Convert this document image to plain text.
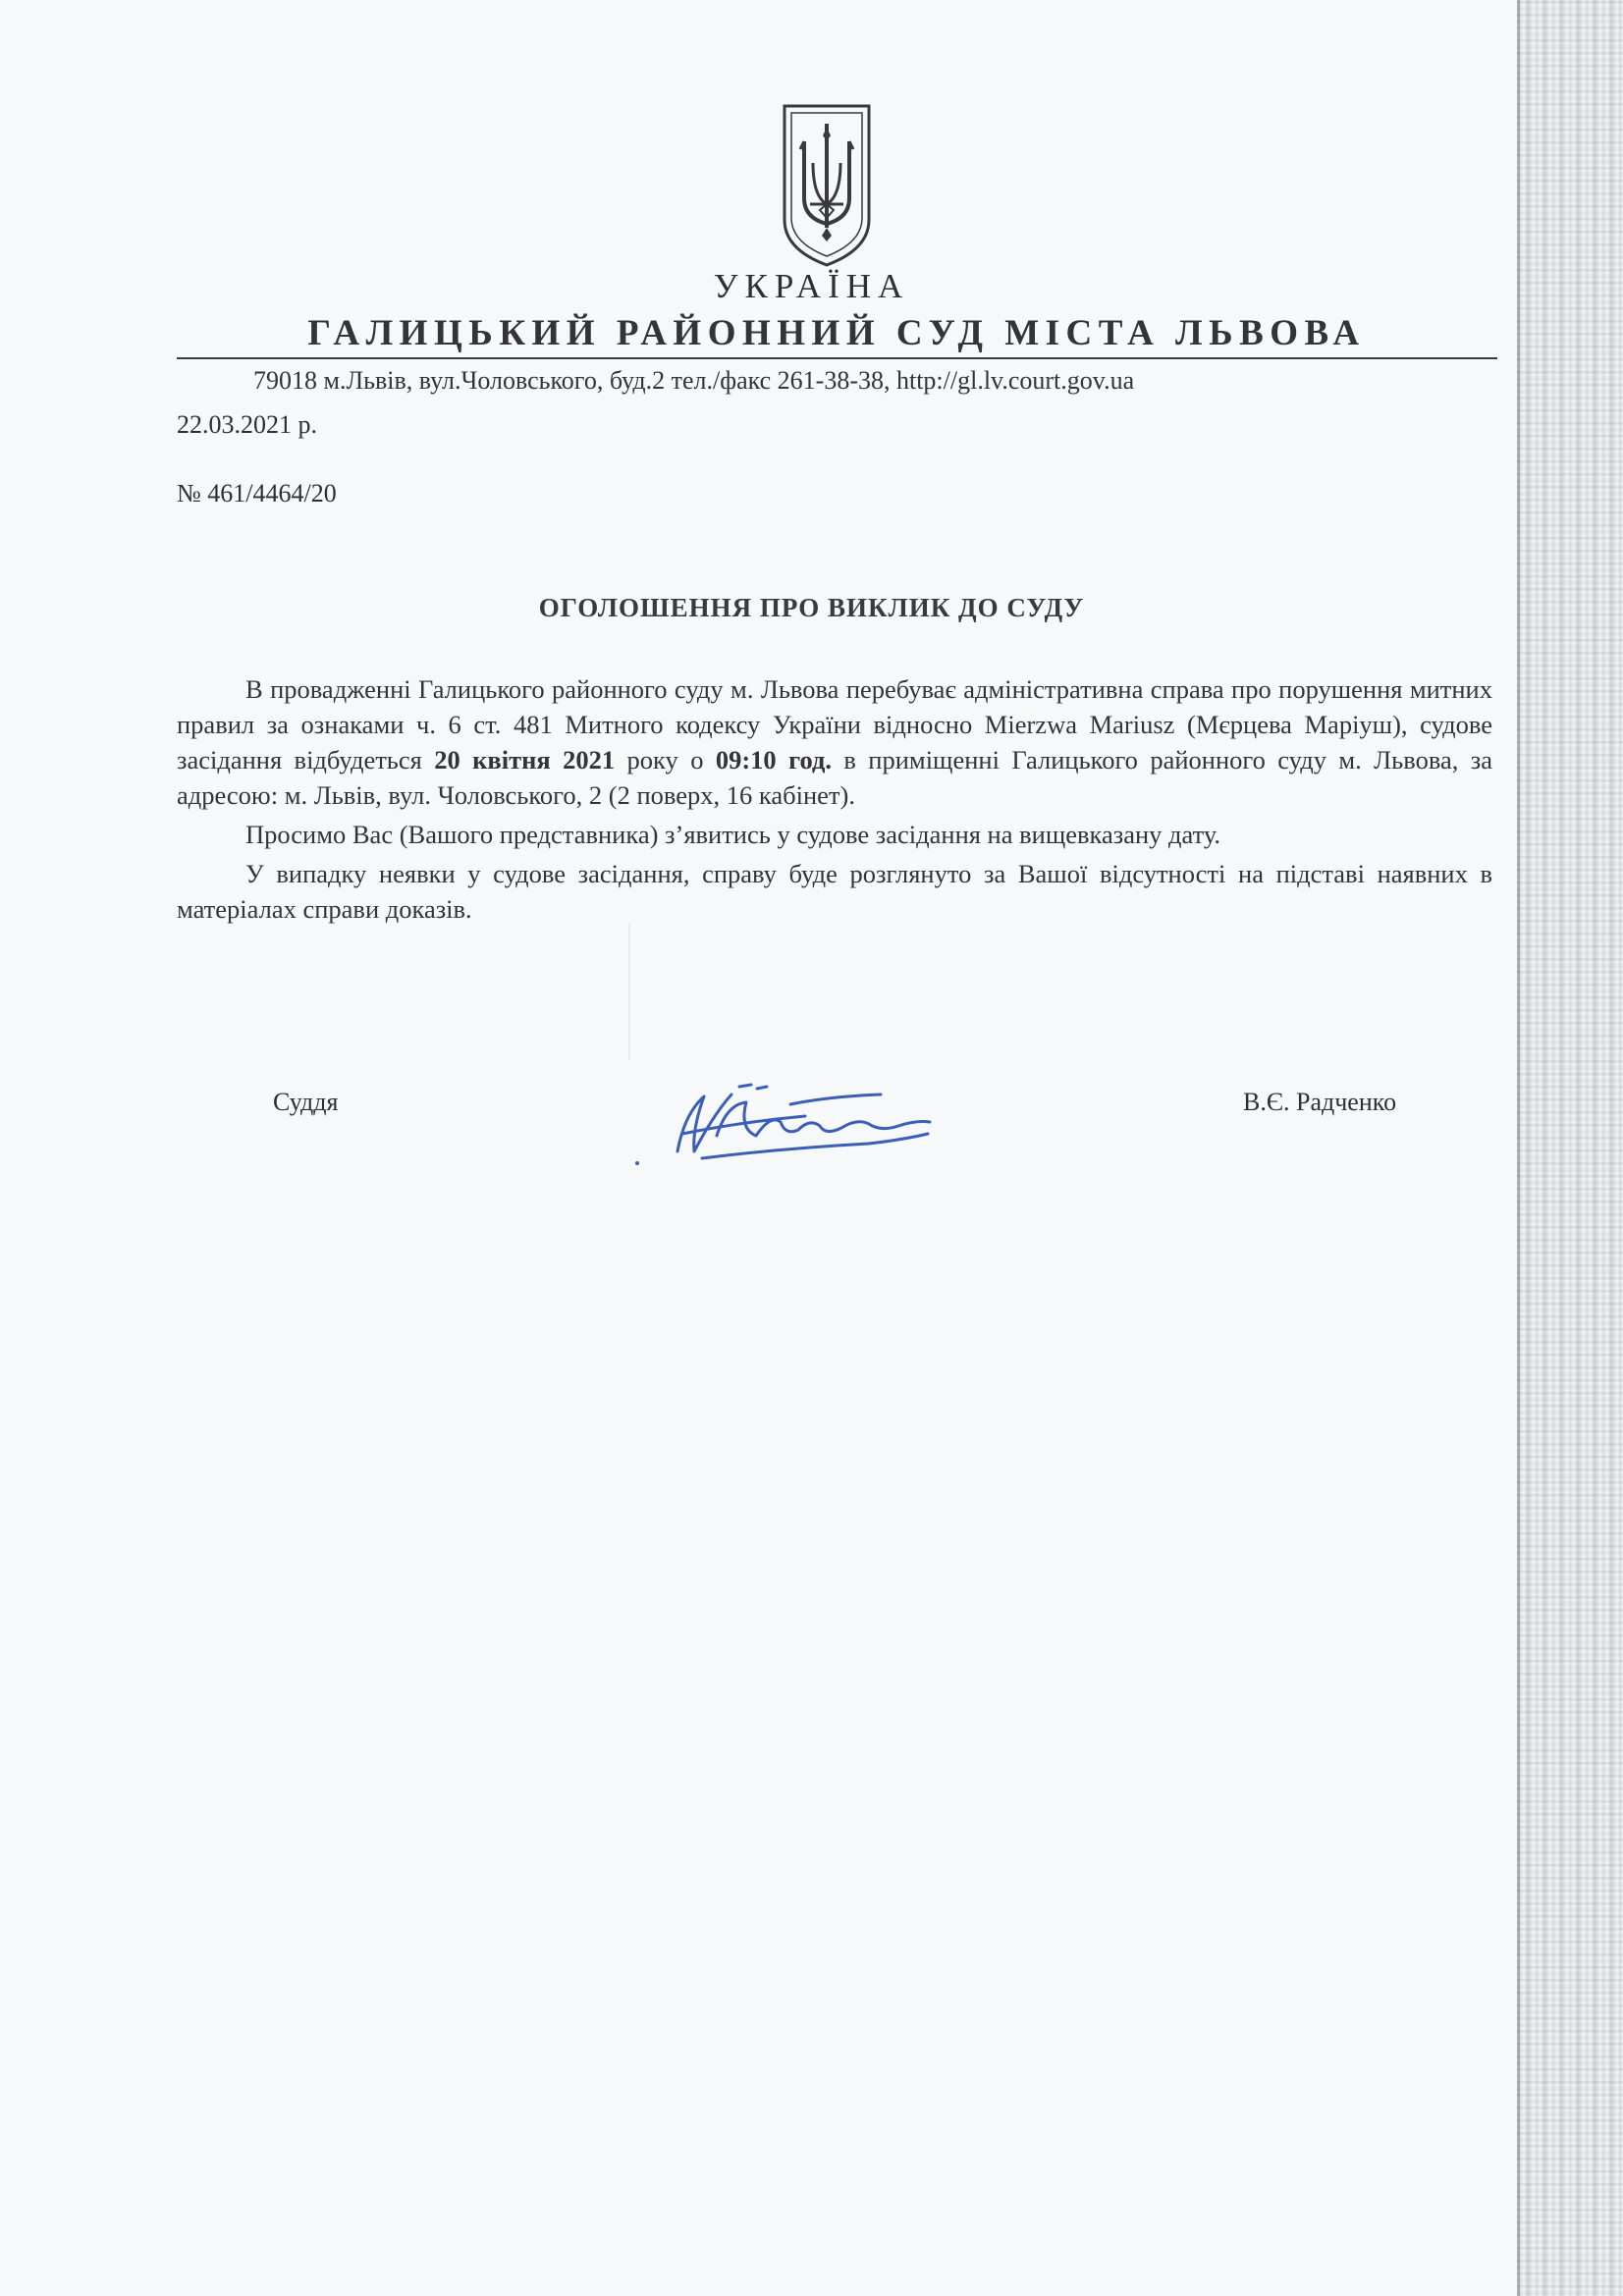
УКРАЇНА
ГАЛИЦЬКИЙ РАЙОННИЙ СУД МІСТА ЛЬВОВА
79018 м.Львів, вул.Чоловського, буд.2 тел./факс 261-38-38, http://gl.lv.court.gov.ua
22.03.2021 р.
№ 461/4464/20
ОГОЛОШЕННЯ ПРО ВИКЛИК ДО СУДУ

В провадженні Галицького районного суду м. Львова перебуває адміністративна справа про порушення митних правил за ознаками ч. 6 ст. 481 Митного кодексу України відносно Mierzwa Mariusz (Мєрцева Маріуш), судове засідання відбудеться 20 квітня 2021 року о 09:10 год. в приміщенні Галицького районного суду м. Львова, за адресою: м. Львів, вул. Чоловського, 2 (2 поверх, 16 кабінет).

Просимо Вас (Вашого представника) з’явитись у судове засідання на вищевказану дату.

У випадку неявки у судове засідання, справу буде розглянуто за Вашої відсутності на підставі наявних в матеріалах справи доказів.

Суддя	В.Є. Радченко
